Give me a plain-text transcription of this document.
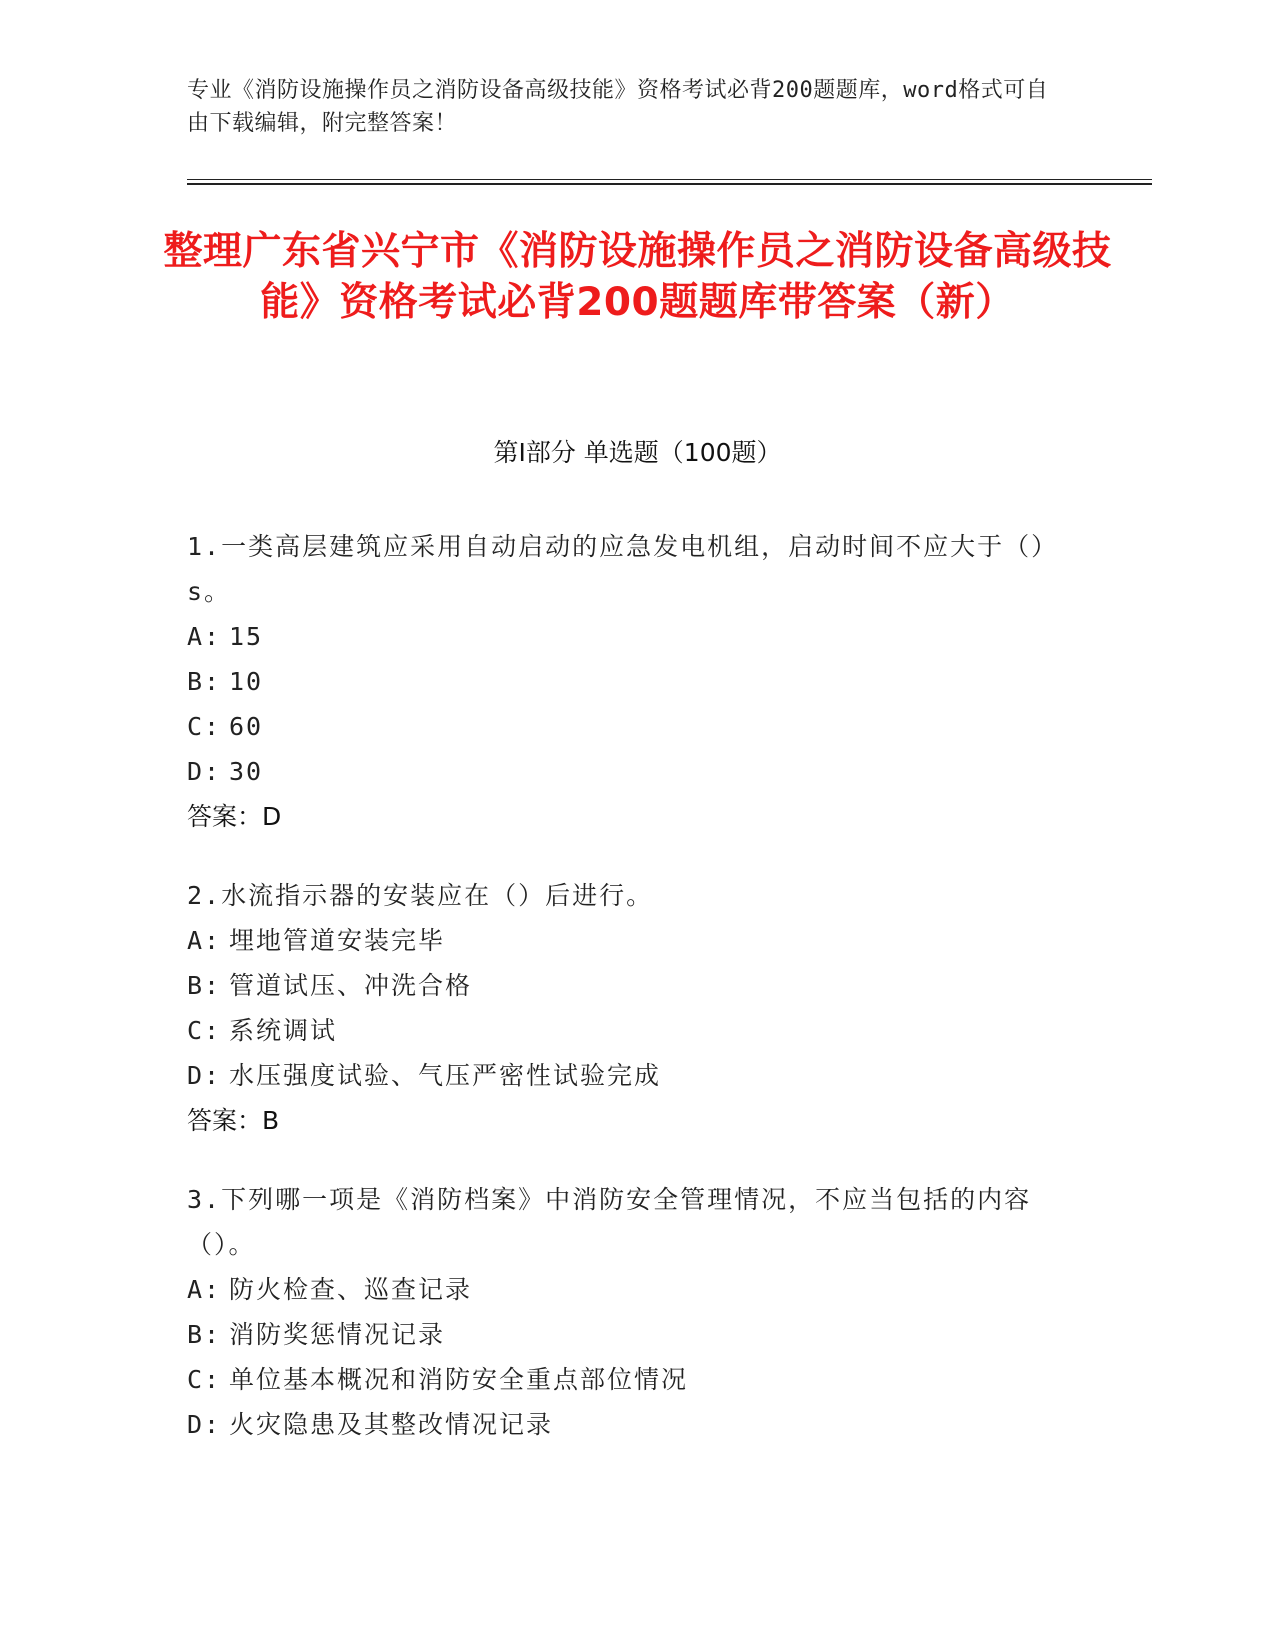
专业《消防设施操作员之消防设备高级技能》资格考试必背200题题库，word格式可自由下载编辑，附完整答案！
整理广东省兴宁市《消防设施操作员之消防设备高级技能》资格考试必背200题题库带答案（新）
第I部分 单选题（100题）
1.一类高层建筑应采用自动启动的应急发电机组，启动时间不应大于（）s。
A: 15
B: 10
C: 60
D: 30
答案：D
2.水流指示器的安装应在（）后进行。
A: 埋地管道安装完毕
B: 管道试压、冲洗合格
C: 系统调试
D: 水压强度试验、气压严密性试验完成
答案：B
3.下列哪一项是《消防档案》中消防安全管理情况，不应当包括的内容（）。
A: 防火检查、巡查记录
B: 消防奖惩情况记录
C: 单位基本概况和消防安全重点部位情况
D: 火灾隐患及其整改情况记录
